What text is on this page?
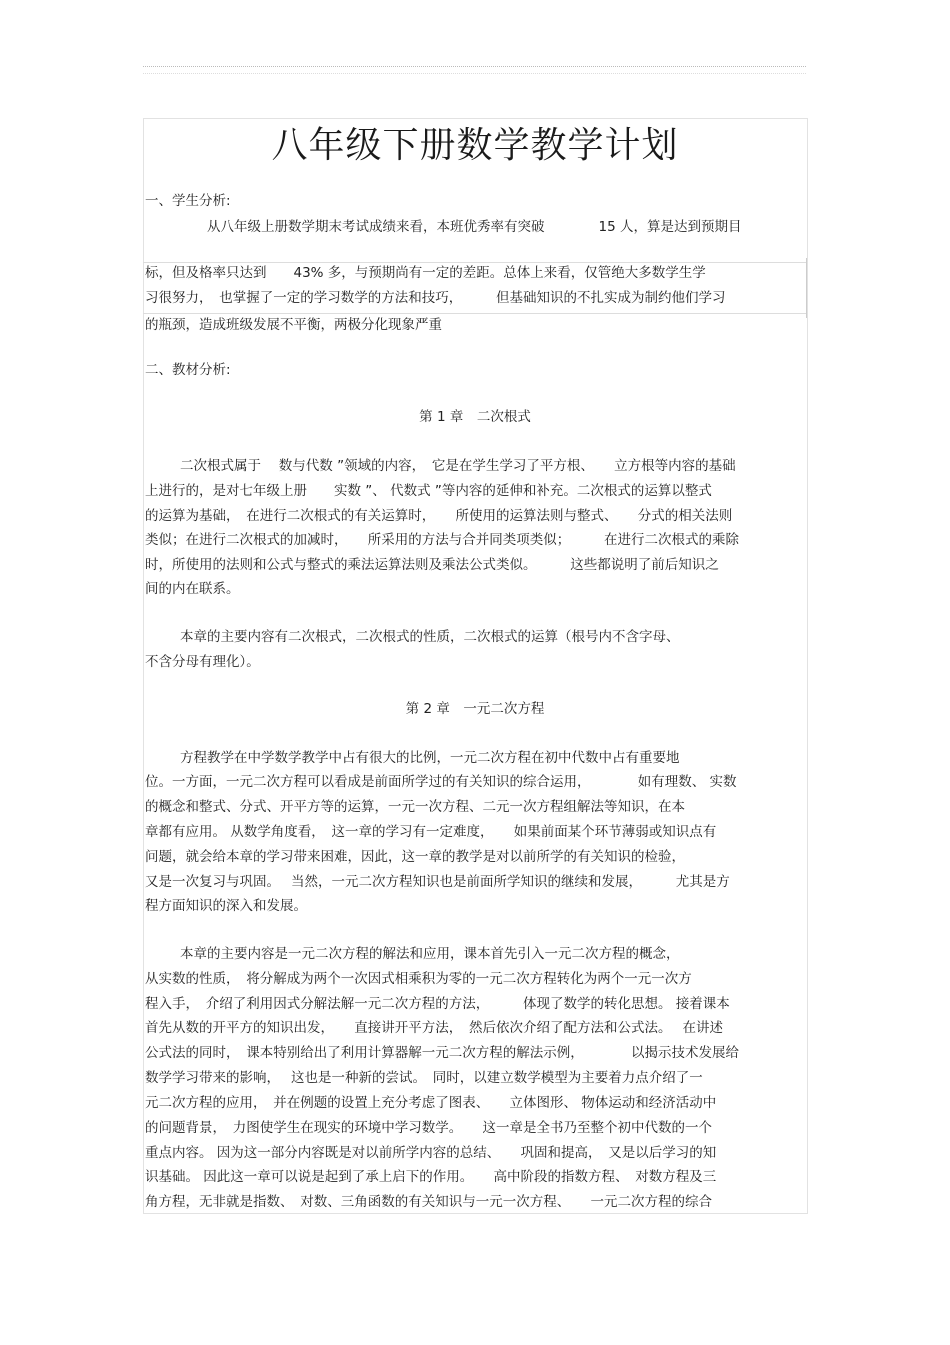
八年级下册数学教学计划
一、学生分析:
从八年级上册数学期末考试成绩来看，本班优秀率有突破　　　　15 人，算是达到预期目
标，但及格率只达到　　43% 多，与预期尚有一定的差距。总体上来看，仅管绝大多数学生学
习很努力，　也掌握了一定的学习数学的方法和技巧，　　　但基础知识的不扎实成为制约他们学习
的瓶颈，造成班级发展不平衡，两极分化现象严重
二、教材分析:
第 1 章　二次根式
二次根式属于　 数与代数 ”领域的内容，　它是在学生学习了平方根、　　立方根等内容的基础
上进行的，是对七年级上册　　实数 ”、 代数式 ”等内容的延伸和补充。二次根式的运算以整式
的运算为基础，　在进行二次根式的有关运算时，　　所使用的运算法则与整式、　　分式的相关法则
类似；在进行二次根式的加减时，　　所采用的方法与合并同类项类似；　　　在进行二次根式的乘除
时，所使用的法则和公式与整式的乘法运算法则及乘法公式类似。　　　这些都说明了前后知识之
间的内在联系。
本章的主要内容有二次根式，二次根式的性质，二次根式的运算（根号内不含字母、
不含分母有理化）。
第 2 章　一元二次方程
方程教学在中学数学教学中占有很大的比例，一元二次方程在初中代数中占有重要地
位。一方面，一元二次方程可以看成是前面所学过的有关知识的综合运用，　　　　如有理数、 实数
的概念和整式、分式、开平方等的运算，一元一次方程、二元一次方程组解法等知识，在本
章都有应用。 从数学角度看，　这一章的学习有一定难度，　　如果前面某个环节薄弱或知识点有
问题，就会给本章的学习带来困难，因此，这一章的教学是对以前所学的有关知识的检验，
又是一次复习与巩固。　 当然，一元二次方程知识也是前面所学知识的继续和发展，　　　尤其是方
程方面知识的深入和发展。
本章的主要内容是一元二次方程的解法和应用，课本首先引入一元二次方程的概念，
从实数的性质，　将分解成为两个一次因式相乘积为零的一元二次方程转化为两个一元一次方
程入手，　介绍了利用因式分解法解一元二次方程的方法，　　　体现了数学的转化思想。 接着课本
首先从数的开平方的知识出发，　　直接讲开平方法，　然后依次介绍了配方法和公式法。　 在讲述
公式法的同时，　课本特别给出了利用计算器解一元二次方程的解法示例，　　　　以揭示技术发展给
数学学习带来的影响，　 这也是一种新的尝试。　同时，以建立数学模型为主要着力点介绍了一
元二次方程的应用，　并在例题的设置上充分考虑了图表、　　立体图形、 物体运动和经济活动中
的问题背景，　力图使学生在现实的环境中学习数学。　　这一章是全书乃至整个初中代数的一个
重点内容。 因为这一部分内容既是对以前所学内容的总结、　　巩固和提高，　又是以后学习的知
识基础。 因此这一章可以说是起到了承上启下的作用。　　高中阶段的指数方程、　对数方程及三
角方程，无非就是指数、　对数、三角函数的有关知识与一元一次方程、　　一元二次方程的综合
